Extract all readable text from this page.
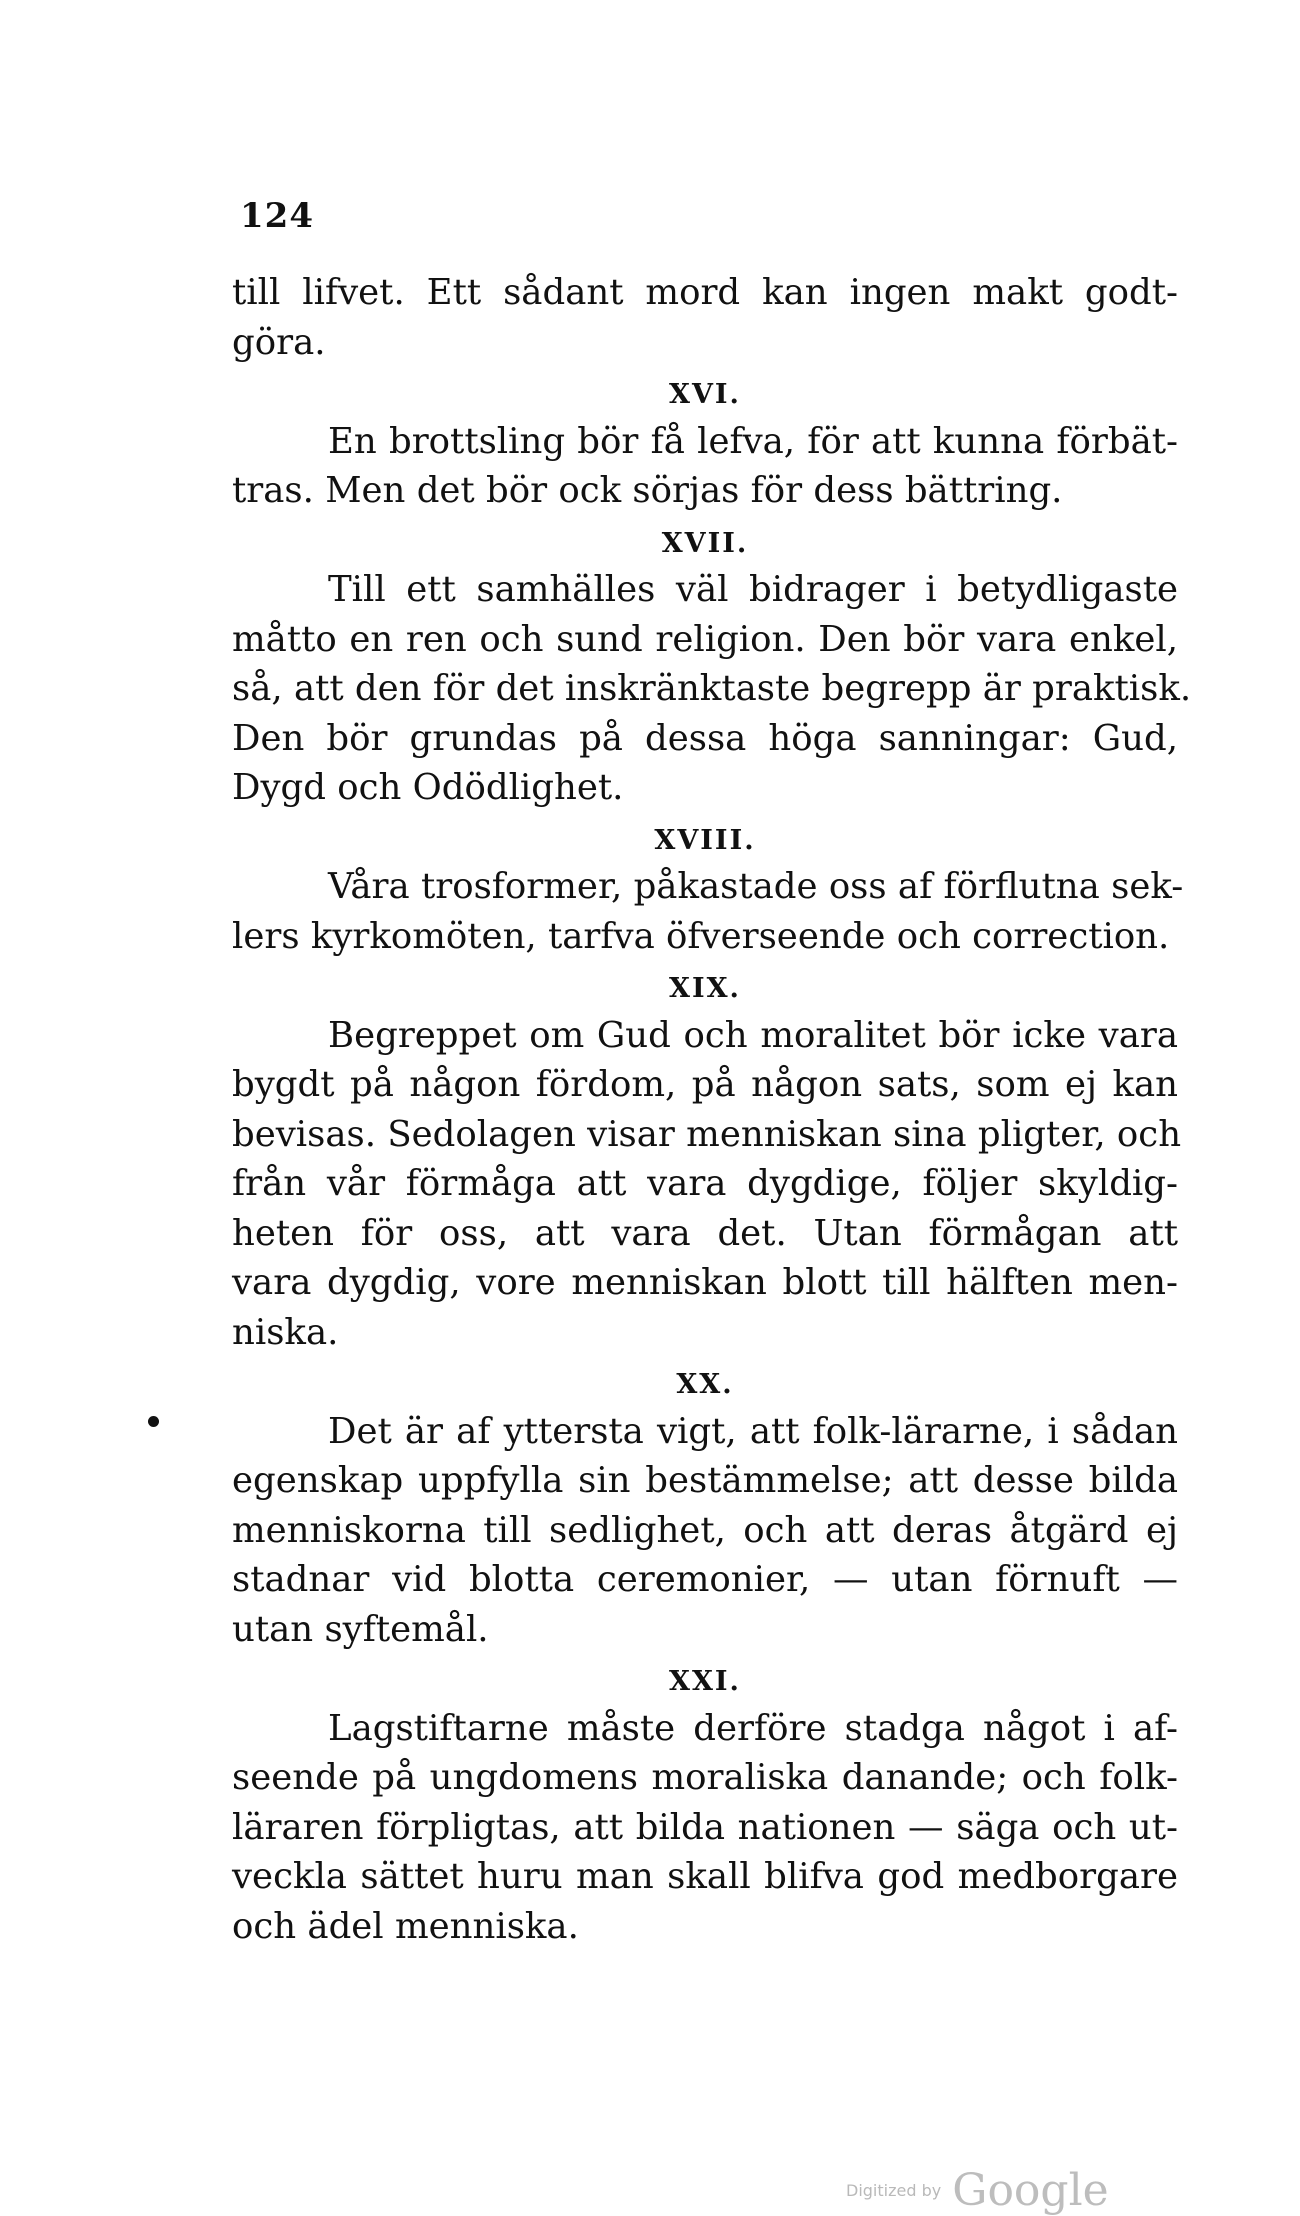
124
till lifvet. Ett sådant mord kan ingen makt godt-
göra.
XVI.
En brottsling bör få lefva, för att kunna förbät-
tras. Men det bör ock sörjas för dess bättring.
XVII.
Till ett samhälles väl bidrager i betydligaste
måtto en ren och sund religion. Den bör vara enkel,
så, att den för det inskränktaste begrepp är praktisk.
Den bör grundas på dessa höga sanningar: Gud,
Dygd och Odödlighet.
XVIII.
Våra trosformer, påkastade oss af förflutna sek-
lers kyrkomöten, tarfva öfverseende och correction.
XIX.
Begreppet om Gud och moralitet bör icke vara
bygdt på någon fördom, på någon sats, som ej kan
bevisas. Sedolagen visar menniskan sina pligter, och
från vår förmåga att vara dygdige, följer skyldig-
heten för oss, att vara det. Utan förmågan att
vara dygdig, vore menniskan blott till hälften men-
niska.
XX.
Det är af yttersta vigt, att folk-lärarne, i sådan
egenskap uppfylla sin bestämmelse; att desse bilda
menniskorna till sedlighet, och att deras åtgärd ej
stadnar vid blotta ceremonier, — utan förnuft —
utan syftemål.
XXI.
Lagstiftarne måste derföre stadga något i af-
seende på ungdomens moraliska danande; och folk-
läraren förpligtas, att bilda nationen — säga och ut-
veckla sättet huru man skall blifva god medborgare
och ädel menniska.
Digitized by Google
